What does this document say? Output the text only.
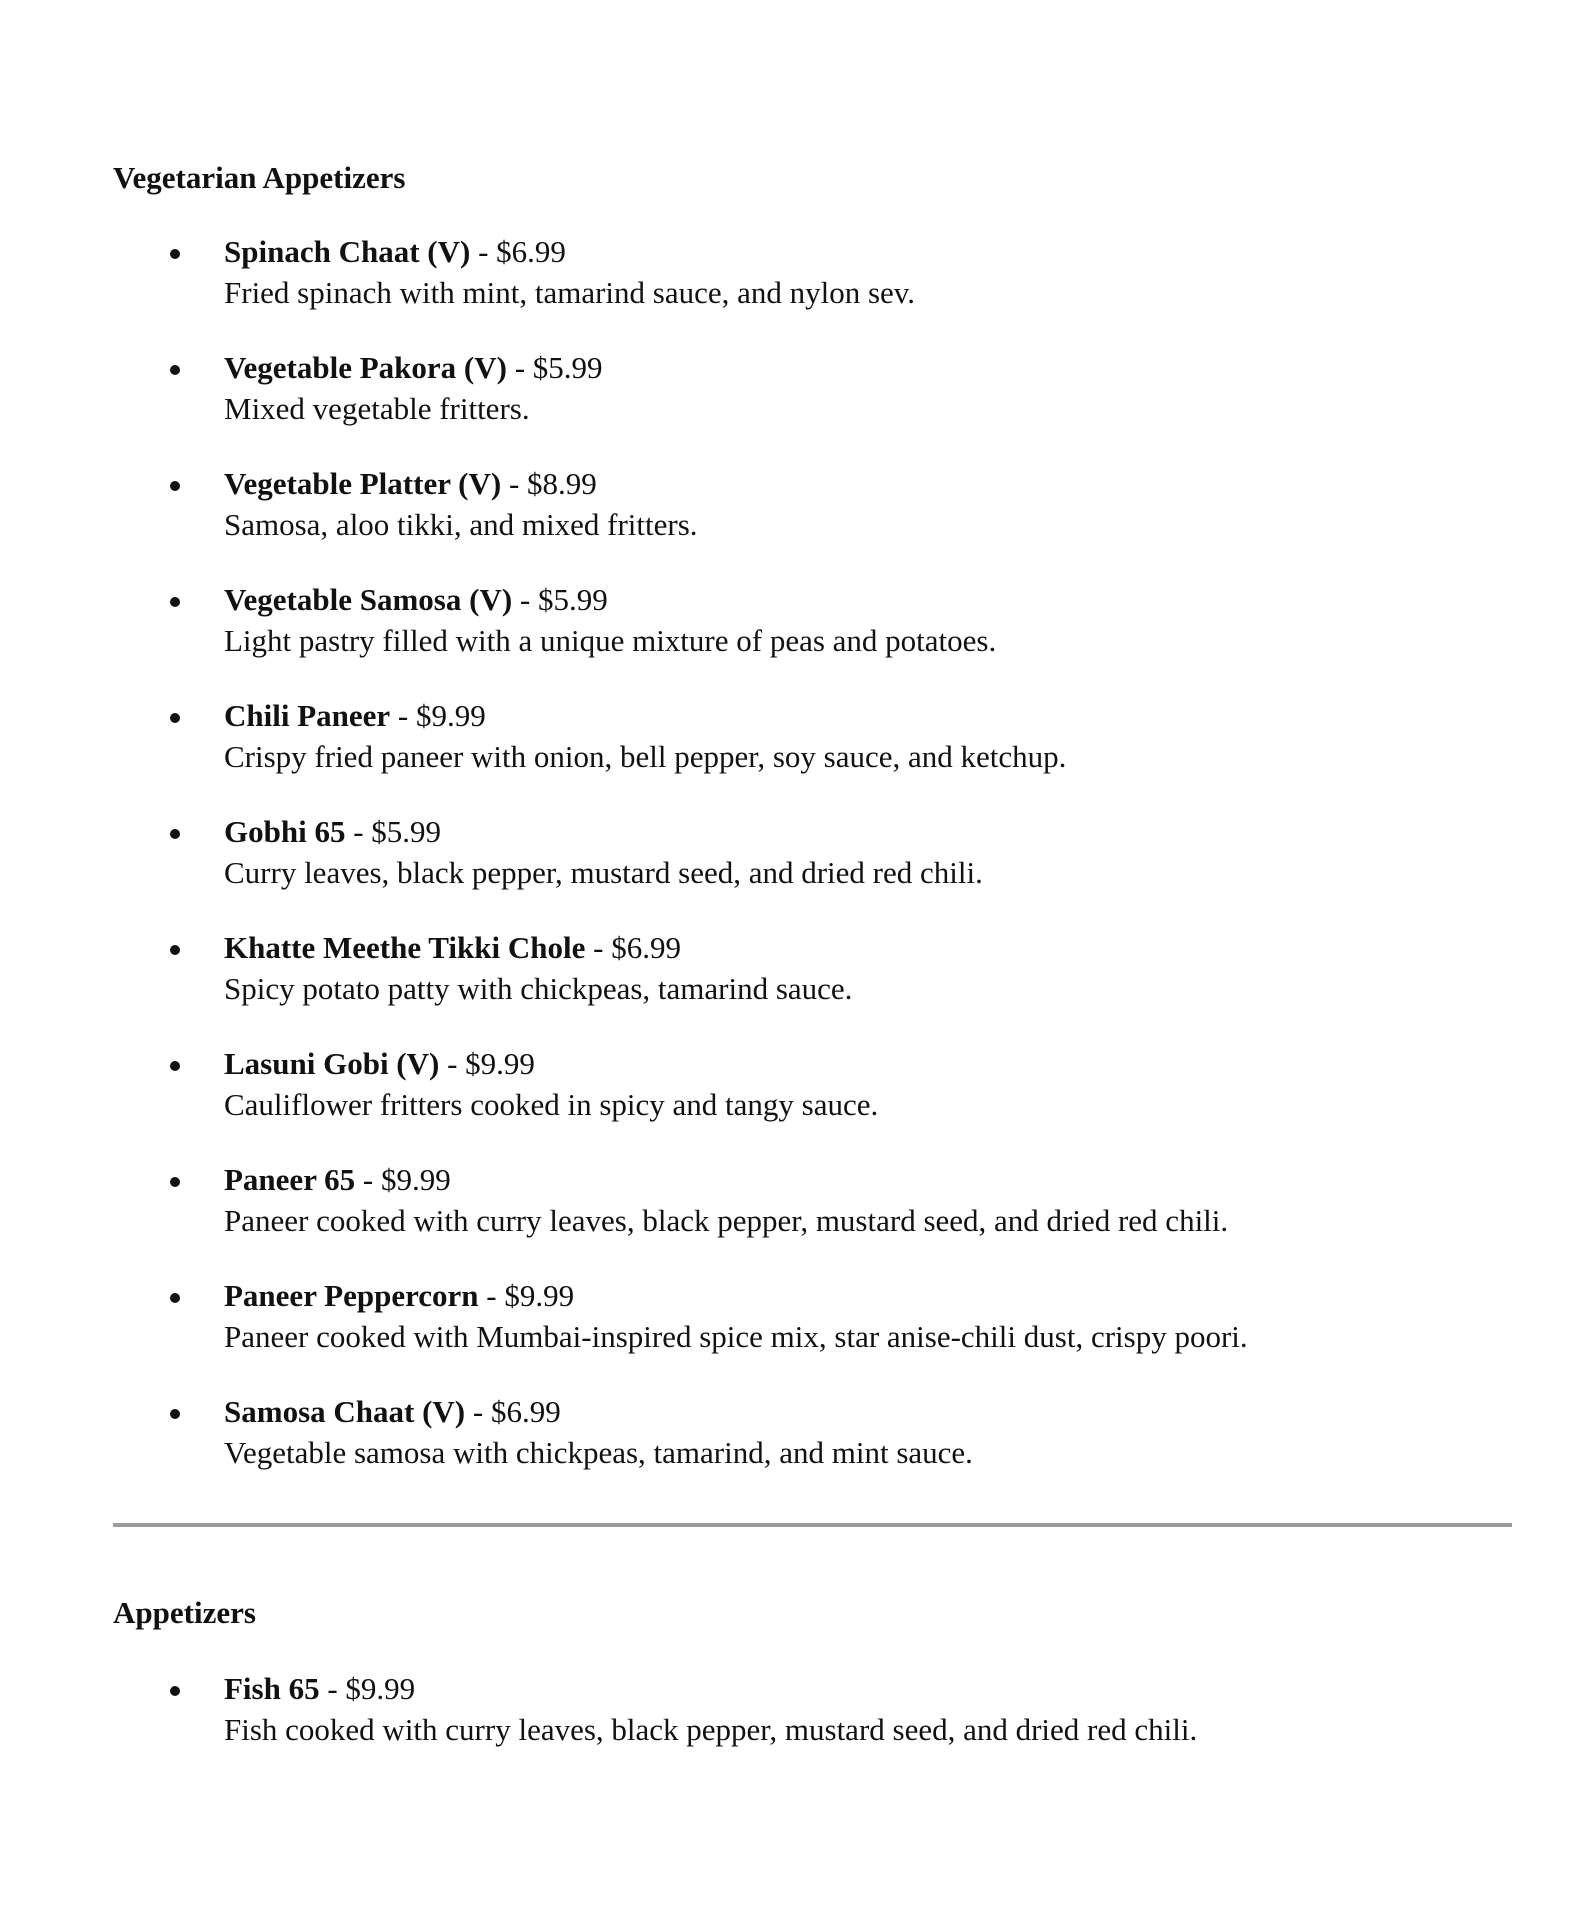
Vegetarian Appetizers

Spinach Chaat (V) - $6.99

Fried spinach with mint, tamarind sauce, and nylon sev.

Vegetable Pakora (V) - $5.99

Mixed vegetable fritters.

Vegetable Platter (V) - $8.99

Samosa, aloo tikki, and mixed fritters.

Vegetable Samosa (V) - $5.99

Light pastry filled with a unique mixture of peas and potatoes.

Chili Paneer - $9.99

Crispy fried paneer with onion, bell pepper, soy sauce, and ketchup.

Gobhi 65 - $5.99

Curry leaves, black pepper, mustard seed, and dried red chili.

Khatte Meethe Tikki Chole - $6.99

Spicy potato patty with chickpeas, tamarind sauce.

Lasuni Gobi (V) - $9.99

Cauliflower fritters cooked in spicy and tangy sauce.

Paneer 65 - $9.99

Paneer cooked with curry leaves, black pepper, mustard seed, and dried red chili.

Paneer Peppercorn - $9.99

Paneer cooked with Mumbai-inspired spice mix, star anise-chili dust, crispy poori.

Samosa Chaat (V) - $6.99

Vegetable samosa with chickpeas, tamarind, and mint sauce.

Appetizers

Fish 65 - $9.99

Fish cooked with curry leaves, black pepper, mustard seed, and dried red chili.
